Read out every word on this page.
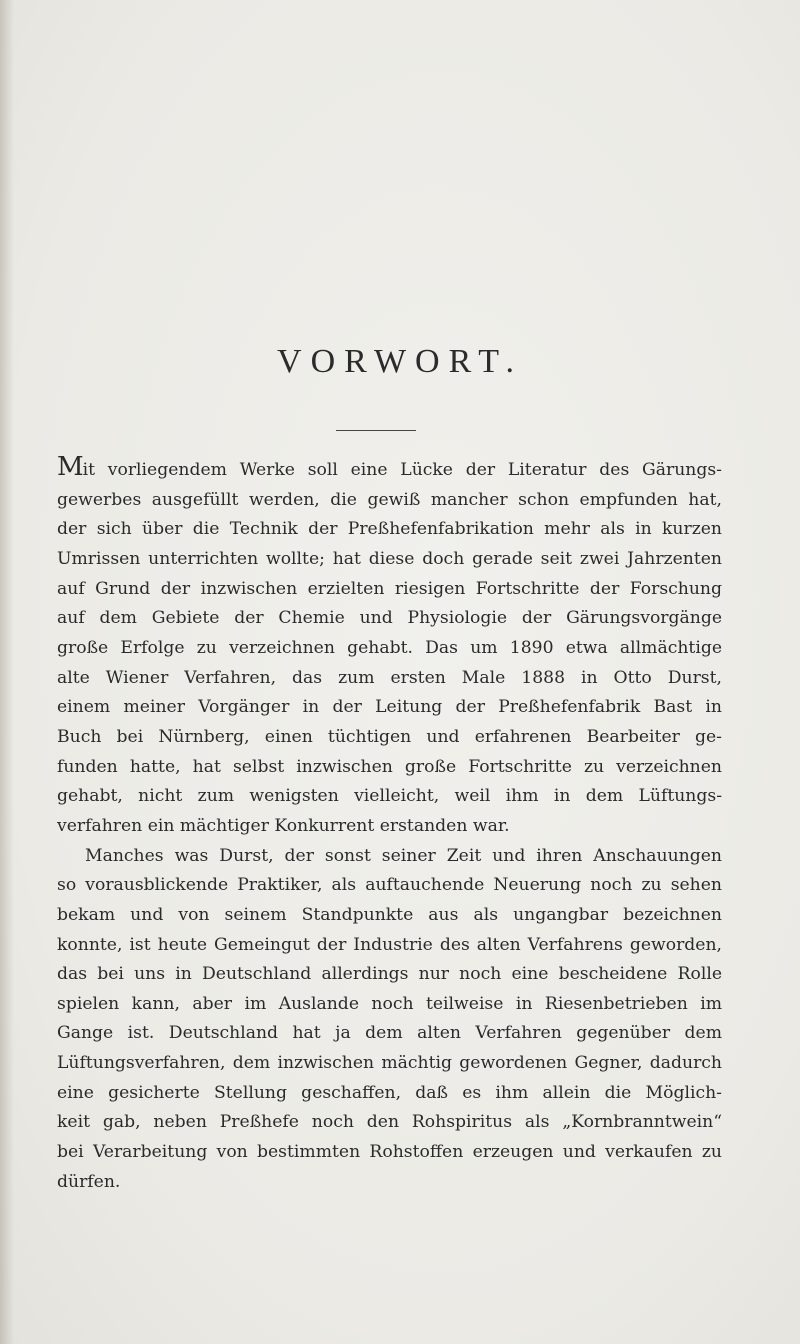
VORWORT.
Mit vorliegendem Werke soll eine Lücke der Literatur des Gärungs-
gewerbes ausgefüllt werden, die gewiß mancher schon empfunden hat,
der sich über die Technik der Preßhefenfabrikation mehr als in kurzen
Umrissen unterrichten wollte; hat diese doch gerade seit zwei Jahrzenten
auf Grund der inzwischen erzielten riesigen Fortschritte der Forschung
auf dem Gebiete der Chemie und Physiologie der Gärungsvorgänge
große Erfolge zu verzeichnen gehabt. Das um 1890 etwa allmächtige
alte Wiener Verfahren, das zum ersten Male 1888 in Otto Durst,
einem meiner Vorgänger in der Leitung der Preßhefenfabrik Bast in
Buch bei Nürnberg, einen tüchtigen und erfahrenen Bearbeiter ge-
funden hatte, hat selbst inzwischen große Fortschritte zu verzeichnen
gehabt, nicht zum wenigsten vielleicht, weil ihm in dem Lüftungs-
verfahren ein mächtiger Konkurrent erstanden war.
Manches was Durst, der sonst seiner Zeit und ihren Anschauungen
so vorausblickende Praktiker, als auftauchende Neuerung noch zu sehen
bekam und von seinem Standpunkte aus als ungangbar bezeichnen
konnte, ist heute Gemeingut der Industrie des alten Verfahrens geworden,
das bei uns in Deutschland allerdings nur noch eine bescheidene Rolle
spielen kann, aber im Auslande noch teilweise in Riesenbetrieben im
Gange ist. Deutschland hat ja dem alten Verfahren gegenüber dem
Lüftungsverfahren, dem inzwischen mächtig gewordenen Gegner, dadurch
eine gesicherte Stellung geschaffen, daß es ihm allein die Möglich-
keit gab, neben Preßhefe noch den Rohspiritus als „Kornbranntwein“
bei Verarbeitung von bestimmten Rohstoffen erzeugen und verkaufen zu
dürfen.
